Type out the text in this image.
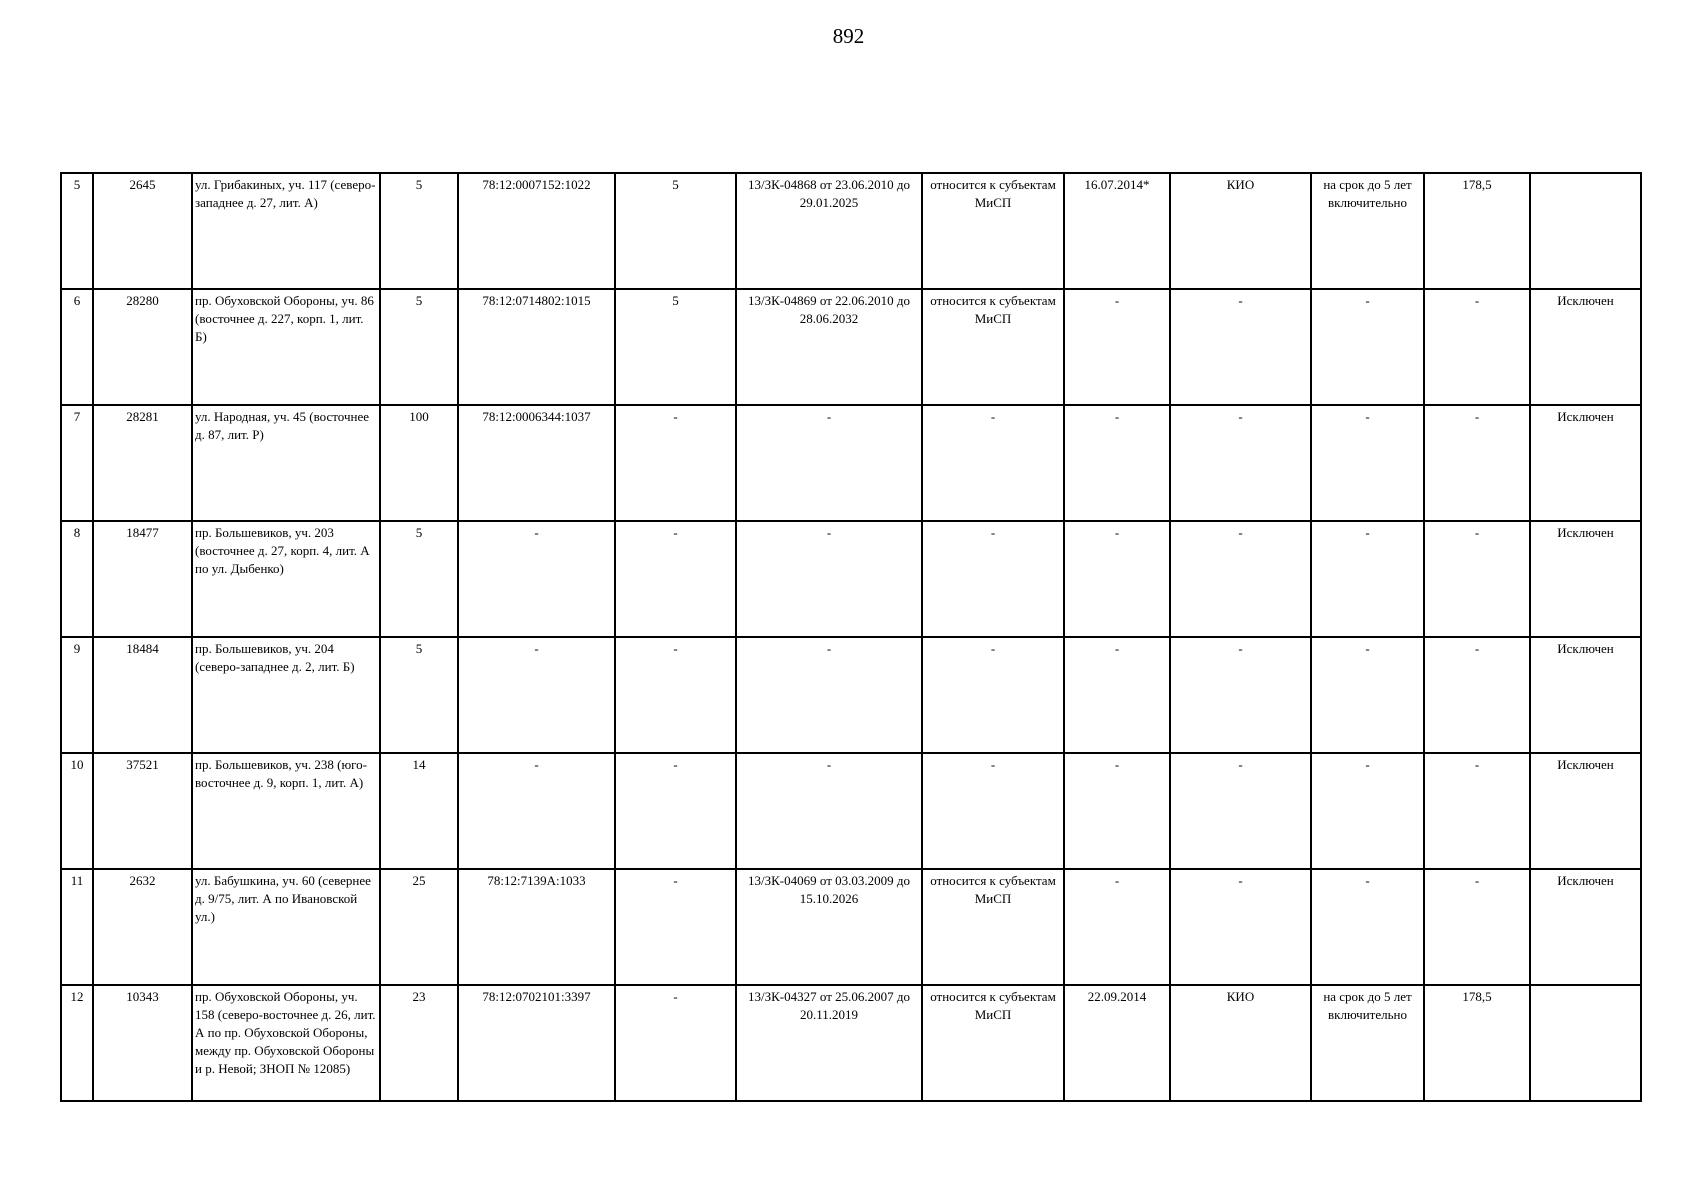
892
5	2645	ул. Грибакиных, уч. 117 (северо-западнее д. 27, лит. А)	5	78:12:0007152:1022	5	13/ЗК-04868 от 23.06.2010 до 29.01.2025	относится к субъектам МиСП	16.07.2014*	КИО	на срок до 5 лет включительно	178,5	
6	28280	пр. Обуховской Обороны, уч. 86 (восточнее д. 227, корп. 1, лит. Б)	5	78:12:0714802:1015	5	13/ЗК-04869 от 22.06.2010 до 28.06.2032	относится к субъектам МиСП	-	-	-	-	Исключен
7	28281	ул. Народная, уч. 45 (восточнее д. 87, лит. Р)	100	78:12:0006344:1037	-	-	-	-	-	-	-	Исключен
8	18477	пр. Большевиков, уч. 203 (восточнее д. 27, корп. 4, лит. А по ул. Дыбенко)	5	-	-	-	-	-	-	-	-	Исключен
9	18484	пр. Большевиков, уч. 204 (северо-западнее д. 2, лит. Б)	5	-	-	-	-	-	-	-	-	Исключен
10	37521	пр. Большевиков, уч. 238 (юго-восточнее д. 9, корп. 1, лит. А)	14	-	-	-	-	-	-	-	-	Исключен
11	2632	ул. Бабушкина, уч. 60 (севернее д. 9/75, лит. А по Ивановской ул.)	25	78:12:7139А:1033	-	13/ЗК-04069 от 03.03.2009 до 15.10.2026	относится к субъектам МиСП	-	-	-	-	Исключен
12	10343	пр. Обуховской Обороны, уч. 158 (северо-восточнее д. 26, лит. А по пр. Обуховской Обороны, между пр. Обуховской Обороны и р. Невой; ЗНОП № 12085)	23	78:12:0702101:3397	-	13/ЗК-04327 от 25.06.2007 до 20.11.2019	относится к субъектам МиСП	22.09.2014	КИО	на срок до 5 лет включительно	178,5	
